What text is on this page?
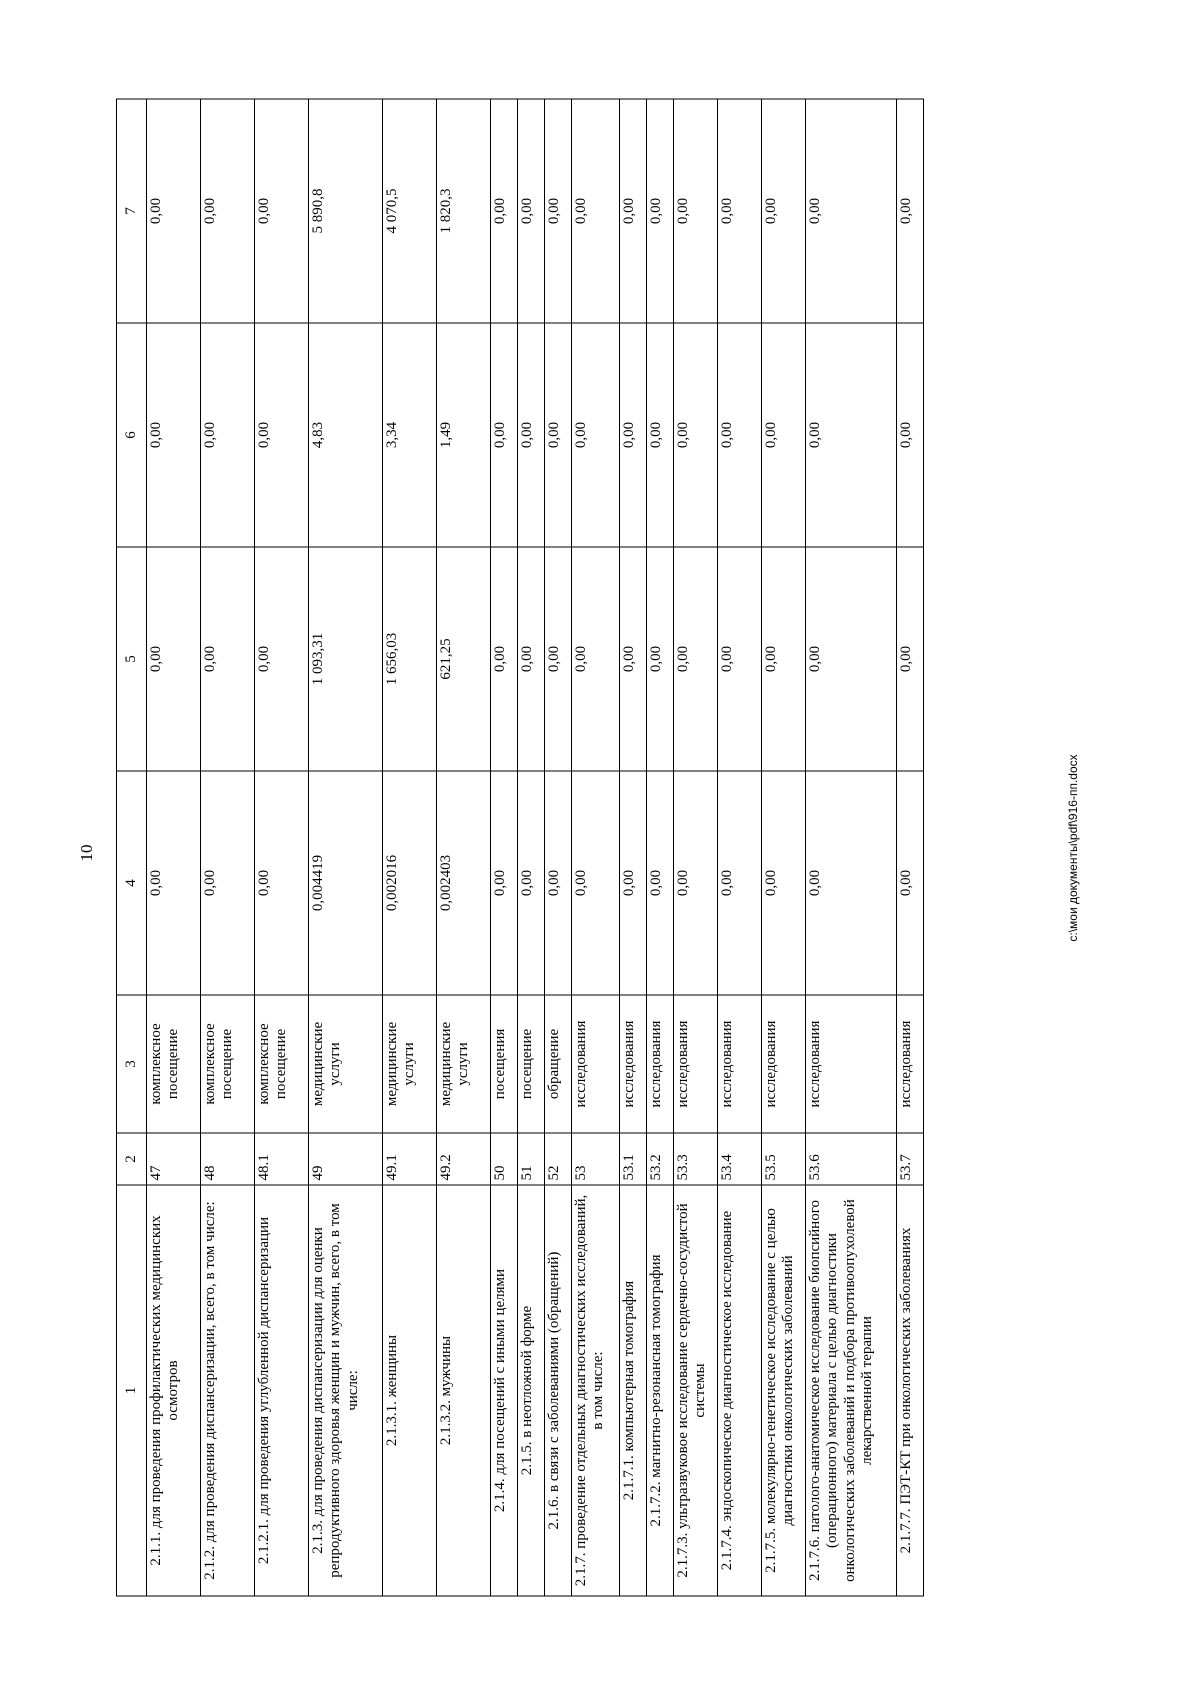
10
1	2	3	4	5	6	7
2.1.1. для проведения профилактических медицинских осмотров	47	комплексное посещение	0,00	0,00	0,00	0,00
2.1.2. для проведения диспансеризации, всего, в том числе:	48	комплексное посещение	0,00	0,00	0,00	0,00
2.1.2.1. для проведения углубленной диспансеризации	48.1	комплексное посещение	0,00	0,00	0,00	0,00
2.1.3. для проведения диспансеризации для оценки репродуктивного здоровья женщин и мужчин, всего, в том числе:	49	медицинские услуги	0,004419	1 093,31	4,83	5 890,8
2.1.3.1. женщины	49.1	медицинские услуги	0,002016	1 656,03	3,34	4 070,5
2.1.3.2. мужчины	49.2	медицинские услуги	0,002403	621,25	1,49	1 820,3
2.1.4. для посещений с иными целями	50	посещения	0,00	0,00	0,00	0,00
2.1.5. в неотложной форме	51	посещение	0,00	0,00	0,00	0,00
2.1.6. в связи с заболеваниями (обращений)	52	обращение	0,00	0,00	0,00	0,00
2.1.7. проведение отдельных диагностических исследований, в том числе:	53	исследования	0,00	0,00	0,00	0,00
2.1.7.1. компьютерная томография	53.1	исследования	0,00	0,00	0,00	0,00
2.1.7.2. магнитно-резонансная томография	53.2	исследования	0,00	0,00	0,00	0,00
2.1.7.3. ультразвуковое исследование сердечно-сосудистой системы	53.3	исследования	0,00	0,00	0,00	0,00
2.1.7.4. эндоскопическое диагностическое исследование	53.4	исследования	0,00	0,00	0,00	0,00
2.1.7.5. молекулярно-генетическое исследование с целью диагностики онкологических заболеваний	53.5	исследования	0,00	0,00	0,00	0,00
2.1.7.6. патолого-анатомическое исследование биопсийного (операционного) материала с целью диагностики онкологических заболеваний и подбора противоопухолевой лекарственной терапии	53.6	исследования	0,00	0,00	0,00	0,00
2.1.7.7. ПЭТ-КТ при онкологических заболеваниях	53.7	исследования	0,00	0,00	0,00	0,00
c:\мои документы\pdf\916-пп.docx
